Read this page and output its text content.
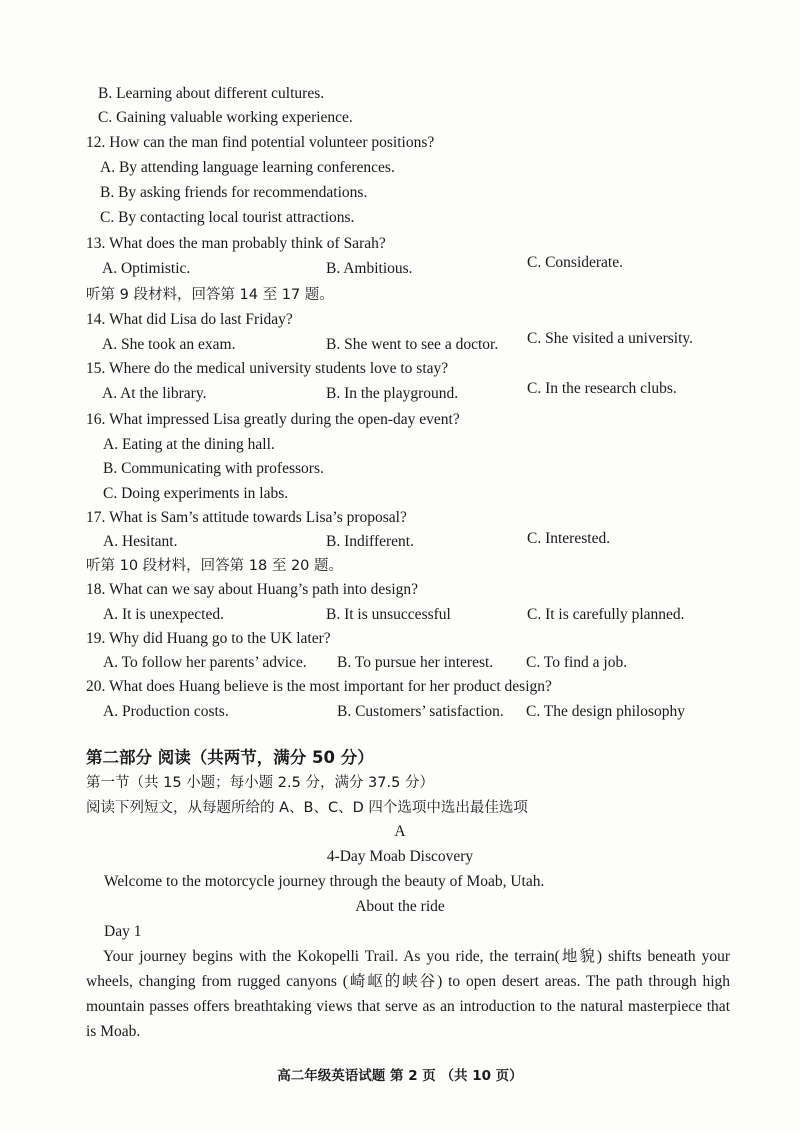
B. Learning about different cultures.
C. Gaining valuable working experience.
12. How can the man find potential volunteer positions?
A. By attending language learning conferences.
B. By asking friends for recommendations.
C. By contacting local tourist attractions.
13. What does the man probably think of Sarah?
A. Optimistic.	B. Ambitious.	C. Considerate.
听第 9 段材料，回答第 14 至 17 题。
14. What did Lisa do last Friday?
A. She took an exam.	B. She went to see a doctor. C. She visited a university.
15. Where do the medical university students love to stay?
A. At the library.	B. In the playground.	C. In the research clubs.
16. What impressed Lisa greatly during the open-day event?
A. Eating at the dining hall.
B. Communicating with professors.
C. Doing experiments in labs.
17. What is Sam’s attitude towards Lisa’s proposal?
A. Hesitant.	B. Indifferent.	C. Interested.
听第 10 段材料，回答第 18 至 20 题。
18. What can we say about Huang’s path into design?
A. It is unexpected.	B. It is unsuccessful	C. It is carefully planned.
19. Why did Huang go to the UK later?
A. To follow her parents’ advice. B. To pursue her interest. C. To find a job.
20. What does Huang believe is the most important for her product design?
A. Production costs.	B. Customers’ satisfaction. C. The design philosophy
第二部分 阅读（共两节，满分 50 分）
第一节（共 15 小题；每小题 2.5 分，满分 37.5 分）
阅读下列短文，从每题所给的 A、B、C、D 四个选项中选出最佳选项
A
4-Day Moab Discovery
Welcome to the motorcycle journey through the beauty of Moab, Utah.
About the ride
Day 1
Your journey begins with the Kokopelli Trail. As you ride, the terrain(地貌) shifts beneath your wheels, changing from rugged canyons (崎岖的峡谷) to open desert areas. The path through high mountain passes offers breathtaking views that serve as an introduction to the natural masterpiece that is Moab.
高二年级英语试题 第 2 页 （共 10 页）
